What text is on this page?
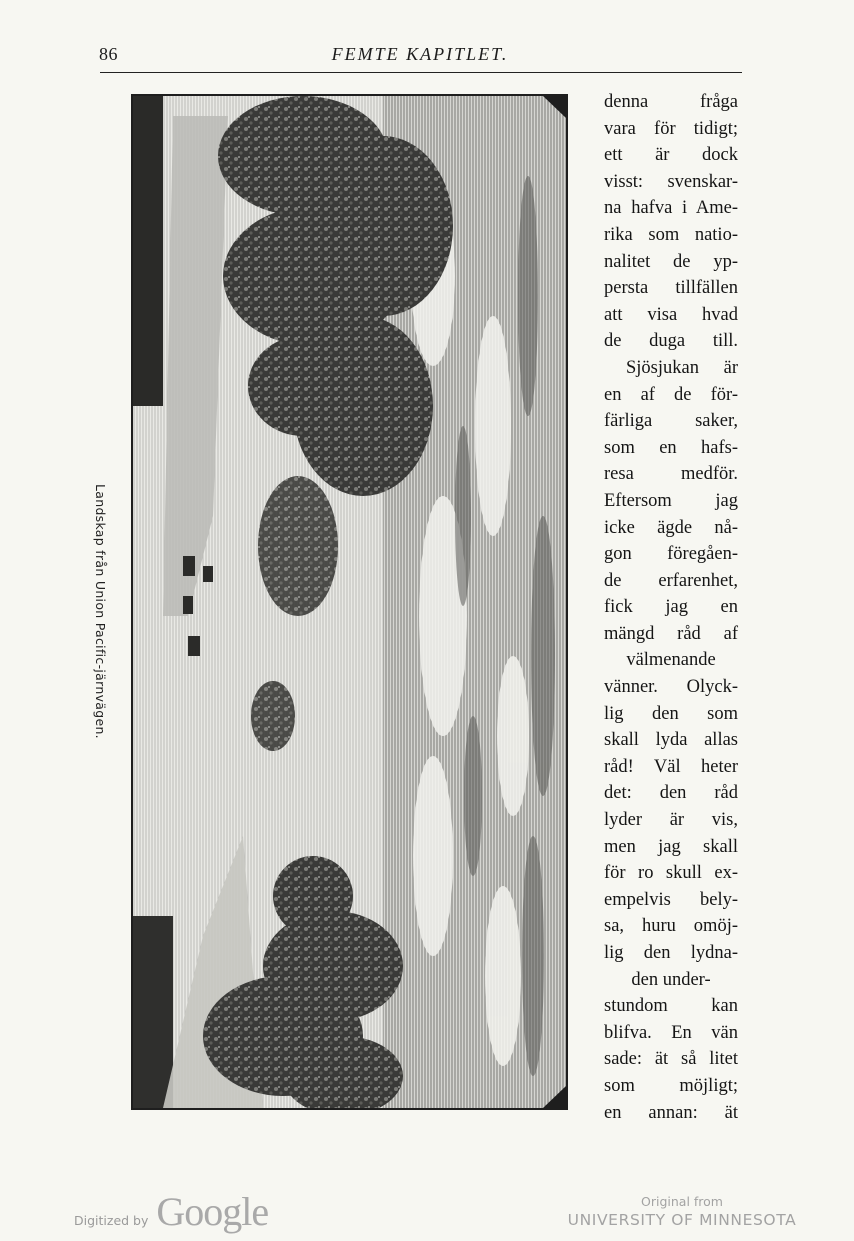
86	FEMTE KAPITLET.
Landskap från Union Pacific-järnvägen.
denna fråga
vara för tidigt;
ett är dock
visst: svenskar-
na hafva i Ame-
rika som natio-
nalitet de yp-
persta tillfällen
att visa hvad
de duga till.
Sjösjukan är
en af de för-
färliga saker,
som en hafs-
resa medför.
Eftersom jag
icke ägde nå-
gon föregåen-
de erfarenhet,
fick jag en
mängd råd af
välmenande
vänner. Olyck-
lig den som
skall lyda allas
råd! Väl heter
det: den råd
lyder är vis,
men jag skall
för ro skull ex-
empelvis bely-
sa, huru omöj-
lig den lydna-
den under-
stundom kan
blifva. En vän
sade: ät så litet
som möjligt;
en annan: ät
Digitized by Google	Original from
UNIVERSITY OF MINNESOTA
